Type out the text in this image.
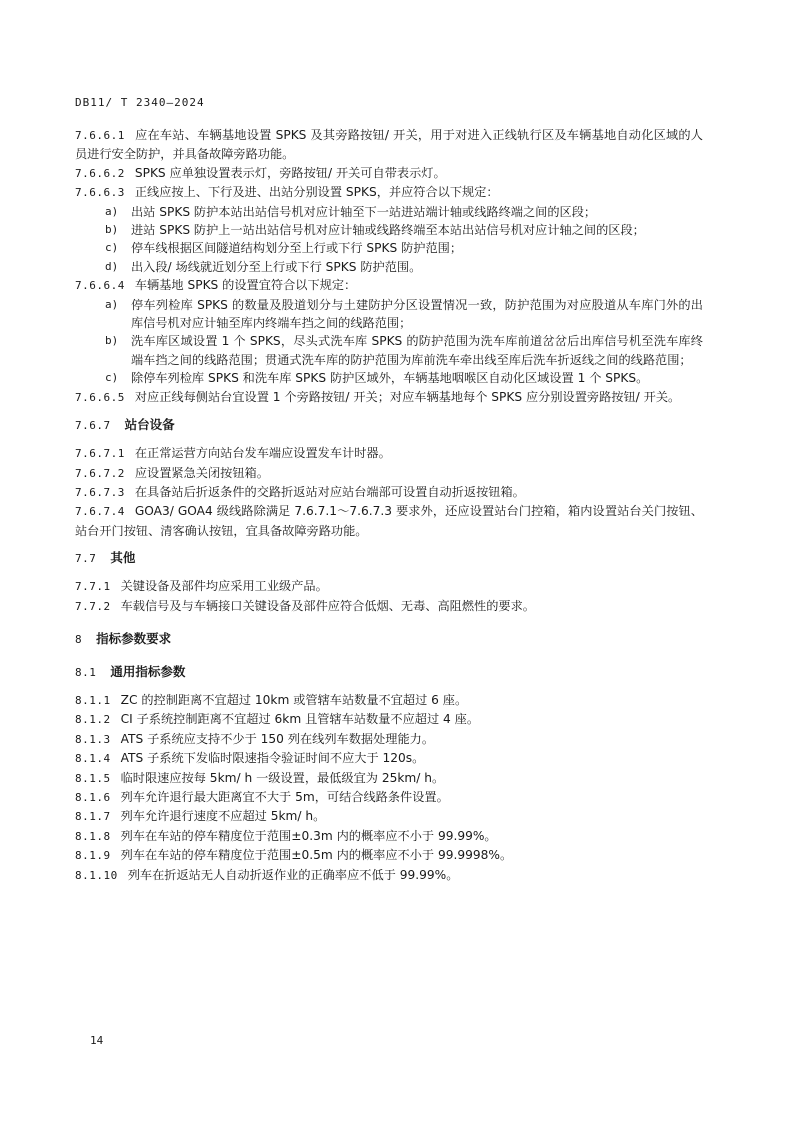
DB11/ T 2340—2024

7.6.6.1 应在车站、车辆基地设置 SPKS 及其旁路按钮/ 开关，用于对进入正线轨行区及车辆基地自动化区域的人员进行安全防护，并具备故障旁路功能。

7.6.6.2 SPKS 应单独设置表示灯，旁路按钮/ 开关可自带表示灯。

7.6.6.3 正线应按上、下行及进、出站分别设置 SPKS，并应符合以下规定：

a) 出站 SPKS 防护本站出站信号机对应计轴至下一站进站端计轴或线路终端之间的区段；
b) 进站 SPKS 防护上一站出站信号机对应计轴或线路终端至本站出站信号机对应计轴之间的区段；
c) 停车线根据区间隧道结构划分至上行或下行 SPKS 防护范围；
d) 出入段/ 场线就近划分至上行或下行 SPKS 防护范围。

7.6.6.4 车辆基地 SPKS 的设置宜符合以下规定：

a) 停车列检库 SPKS 的数量及股道划分与土建防护分区设置情况一致，防护范围为对应股道从车库门外的出库信号机对应计轴至库内终端车挡之间的线路范围；
b) 洗车库区域设置 1 个 SPKS，尽头式洗车库 SPKS 的防护范围为洗车库前道岔岔后出库信号机至洗车库终端车挡之间的线路范围；贯通式洗车库的防护范围为库前洗车牵出线至库后洗车折返线之间的线路范围；
c) 除停车列检库 SPKS 和洗车库 SPKS 防护区域外，车辆基地咽喉区自动化区域设置 1 个 SPKS。

7.6.6.5 对应正线每侧站台宜设置 1 个旁路按钮/ 开关；对应车辆基地每个 SPKS 应分别设置旁路按钮/ 开关。

7.6.7 站台设备

7.6.7.1 在正常运营方向站台发车端应设置发车计时器。

7.6.7.2 应设置紧急关闭按钮箱。

7.6.7.3 在具备站后折返条件的交路折返站对应站台端部可设置自动折返按钮箱。

7.6.7.4 GOA3/ GOA4 级线路除满足 7.6.7.1～7.6.7.3 要求外，还应设置站台门控箱，箱内设置站台关门按钮、站台开门按钮、清客确认按钮，宜具备故障旁路功能。

7.7 其他

7.7.1 关键设备及部件均应采用工业级产品。

7.7.2 车载信号及与车辆接口关键设备及部件应符合低烟、无毒、高阻燃性的要求。

8 指标参数要求
8.1 通用指标参数

8.1.1 ZC 的控制距离不宜超过 10km 或管辖车站数量不宜超过 6 座。

8.1.2 CI 子系统控制距离不宜超过 6km 且管辖车站数量不应超过 4 座。

8.1.3 ATS 子系统应支持不少于 150 列在线列车数据处理能力。

8.1.4 ATS 子系统下发临时限速指令验证时间不应大于 120s。

8.1.5 临时限速应按每 5km/ h 一级设置，最低级宜为 25km/ h。

8.1.6 列车允许退行最大距离宜不大于 5m，可结合线路条件设置。

8.1.7 列车允许退行速度不应超过 5km/ h。

8.1.8 列车在车站的停车精度位于范围±0.3m 内的概率应不小于 99.99%。

8.1.9 列车在车站的停车精度位于范围±0.5m 内的概率应不小于 99.9998%。

8.1.10 列车在折返站无人自动折返作业的正确率应不低于 99.99%。

14
